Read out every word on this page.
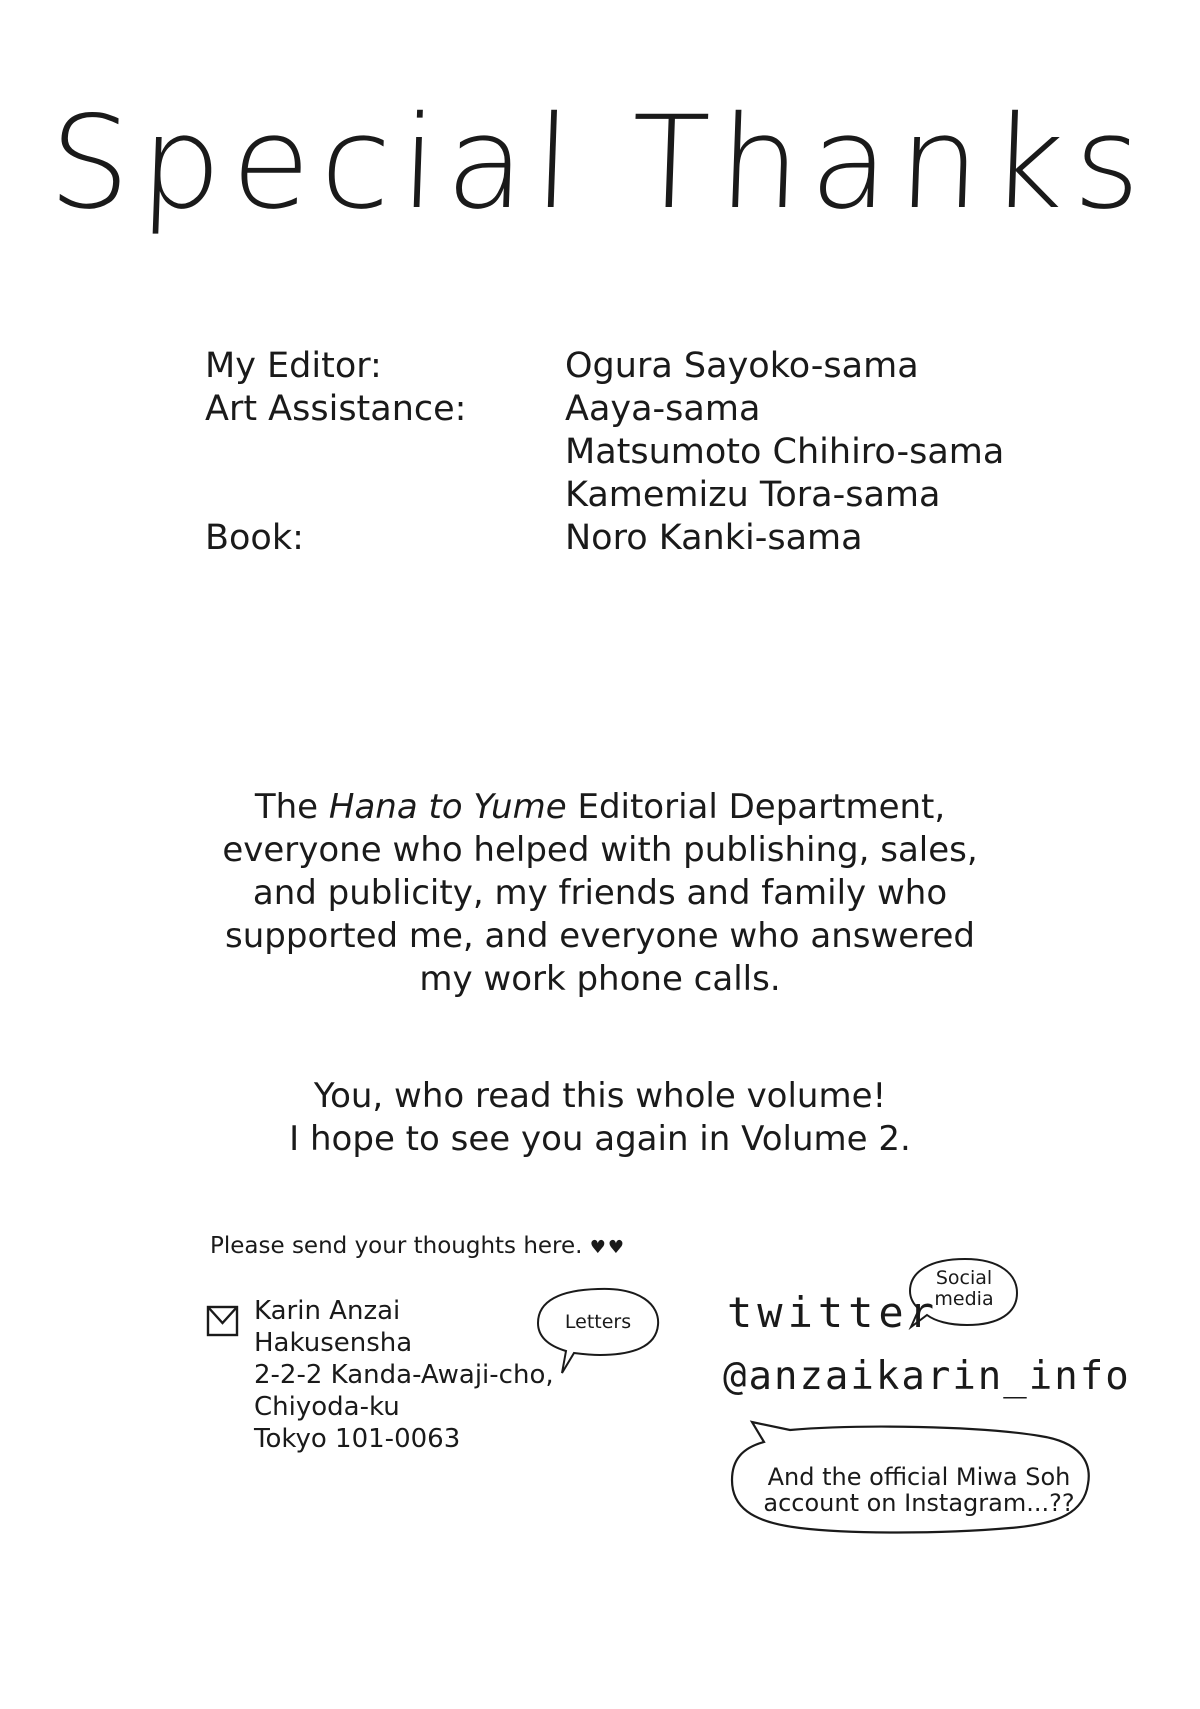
Special Thanks
My Editor:	Ogura Sayoko-sama
Art Assistance:	Aaya-sama
Matsumoto Chihiro-sama
Kamemizu Tora-sama
Book:	Noro Kanki-sama
The Hana to Yume Editorial Department,
everyone who helped with publishing, sales,
and publicity, my friends and family who
supported me, and everyone who answered
my work phone calls.
You, who read this whole volume!
I hope to see you again in Volume 2.
Please send your thoughts here. ♥♥
Karin Anzai
Hakusensha
2-2-2 Kanda-Awaji-cho,
Chiyoda-ku
Tokyo 101-0063
Letters
Social

media
twitter
@anzaikarin_info
And the official Miwa Soh
account on Instagram...??
